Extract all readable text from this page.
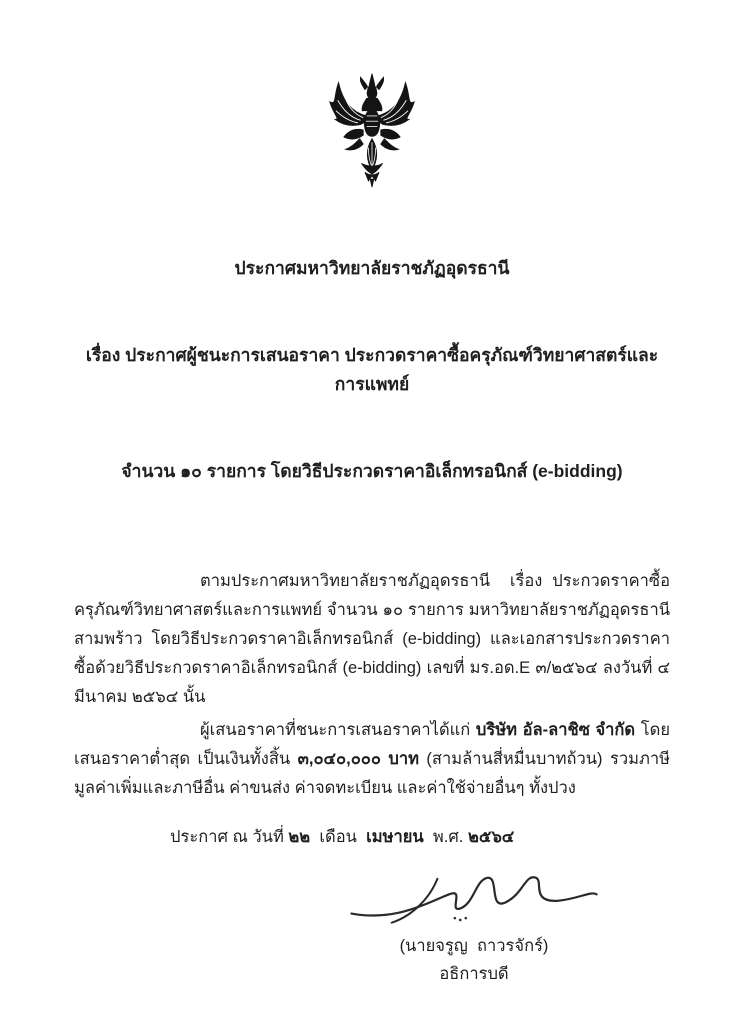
ประกาศมหาวิทยาลัยราชภัฏอุดรธานี

เรื่อง ประกาศผู้ชนะการเสนอราคา ประกวดราคาซื้อครุภัณฑ์วิทยาศาสตร์และการแพทย์

จำนวน ๑๐ รายการ โดยวิธีประกวดราคาอิเล็กทรอนิกส์ (e-bidding)

ตามประกาศมหาวิทยาลัยราชภัฏอุดรธานี  เรื่อง ประกวดราคาซื้อครุภัณฑ์วิทยาศาสตร์และการแพทย์ จำนวน ๑๐ รายการ มหาวิทยาลัยราชภัฏอุดรธานี สามพร้าว โดยวิธีประกวดราคาอิเล็กทรอนิกส์ (e-bidding) และเอกสารประกวดราคาซื้อด้วยวิธีประกวดราคาอิเล็กทรอนิกส์ (e-bidding) เลขที่ มร.อด.E ๓/๒๕๖๔ ลงวันที่ ๔ มีนาคม ๒๕๖๔ นั้น

ผู้เสนอราคาที่ชนะการเสนอราคาได้แก่ บริษัท อัล-ลาชิซ จำกัด โดยเสนอราคาต่ำสุด เป็นเงินทั้งสิ้น ๓,๐๔๐,๐๐๐ บาท (สามล้านสี่หมื่นบาทถ้วน) รวมภาษีมูลค่าเพิ่มและภาษีอื่น ค่าขนส่ง ค่าจดทะเบียน และค่าใช้จ่ายอื่นๆ ทั้งปวง

ประกาศ ณ วันที่ ๒๒  เดือน  เมษายน  พ.ศ. ๒๕๖๔
(นายจรูญ  ถาวรจักร์)
อธิการบดี
